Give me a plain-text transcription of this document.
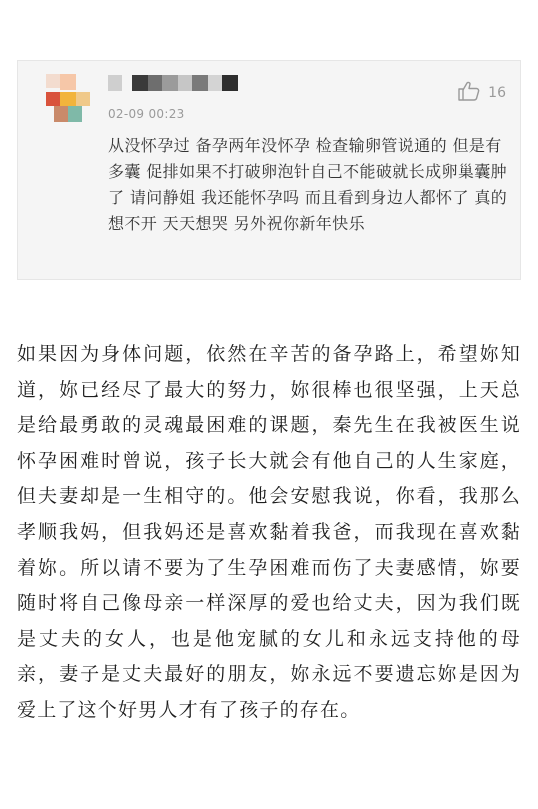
02-09 00:23
16
从没怀孕过 备孕两年没怀孕 检查输卵管说通的 但是有多囊 促排如果不打破卵泡针自己不能破就长成卵巢囊肿了 请问静姐 我还能怀孕吗 而且看到身边人都怀了 真的想不开 天天想哭 另外祝你新年快乐
如果因为身体问题，依然在辛苦的备孕路上，希望妳知道，妳已经尽了最大的努力，妳很棒也很坚强，上天总是给最勇敢的灵魂最困难的课题，秦先生在我被医生说怀孕困难时曾说，孩子长大就会有他自己的人生家庭，但夫妻却是一生相守的。他会安慰我说，你看，我那么孝顺我妈，但我妈还是喜欢黏着我爸，而我现在喜欢黏着妳。所以请不要为了生孕困难而伤了夫妻感情，妳要随时将自己像母亲一样深厚的爱也给丈夫，因为我们既是丈夫的女人，也是他宠腻的女儿和永远支持他的母亲，妻子是丈夫最好的朋友，妳永远不要遗忘妳是因为爱上了这个好男人才有了孩子的存在。
